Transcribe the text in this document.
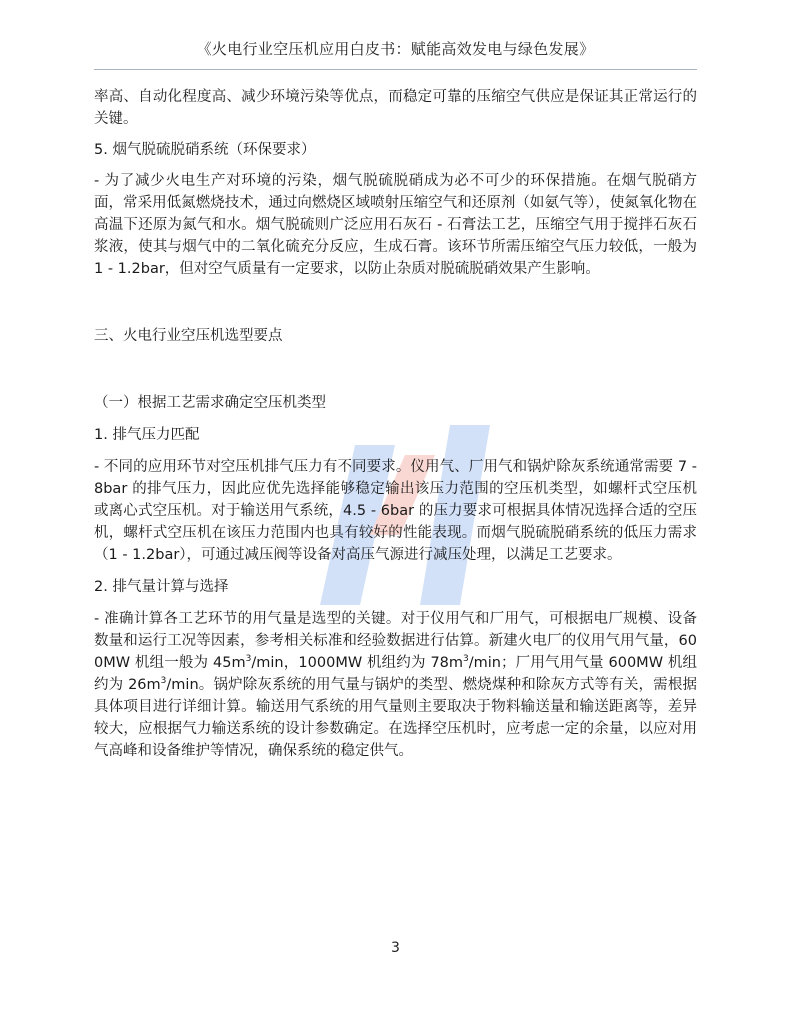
《火电行业空压机应用白皮书：赋能高效发电与绿色发展》

率高、自动化程度高、减少环境污染等优点，而稳定可靠的压缩空气供应是保证其正常运行的关键。

5. 烟气脱硫脱硝系统（环保要求）

- 为了减少火电生产对环境的污染，烟气脱硫脱硝成为必不可少的环保措施。在烟气脱硝方面，常采用低氮燃烧技术，通过向燃烧区域喷射压缩空气和还原剂（如氨气等），使氮氧化物在高温下还原为氮气和水。烟气脱硫则广泛应用石灰石 - 石膏法工艺，压缩空气用于搅拌石灰石浆液，使其与烟气中的二氧化硫充分反应，生成石膏。该环节所需压缩空气压力较低，一般为 1 - 1.2bar，但对空气质量有一定要求，以防止杂质对脱硫脱硝效果产生影响。

三、火电行业空压机选型要点

（一）根据工艺需求确定空压机类型

1. 排气压力匹配

- 不同的应用环节对空压机排气压力有不同要求。仪用气、厂用气和锅炉除灰系统通常需要 7 - 8bar 的排气压力，因此应优先选择能够稳定输出该压力范围的空压机类型，如螺杆式空压机或离心式空压机。对于输送用气系统，4.5 - 6bar 的压力要求可根据具体情况选择合适的空压机，螺杆式空压机在该压力范围内也具有较好的性能表现。而烟气脱硫脱硝系统的低压力需求（1 - 1.2bar），可通过减压阀等设备对高压气源进行减压处理，以满足工艺要求。

2. 排气量计算与选择

- 准确计算各工艺环节的用气量是选型的关键。对于仪用气和厂用气，可根据电厂规模、设备数量和运行工况等因素，参考相关标准和经验数据进行估算。新建火电厂的仪用气用气量，600MW 机组一般为 $45m^3/\min$，1000MW 机组约为 $78m^3/\min$；厂用气用气量 600MW 机组约为 $26m^3/\min$。锅炉除灰系统的用气量与锅炉的类型、燃烧煤种和除灰方式等有关，需根据具体项目进行详细计算。输送用气系统的用气量则主要取决于物料输送量和输送距离等，差异较大，应根据气力输送系统的设计参数确定。在选择空压机时，应考虑一定的余量，以应对用气高峰和设备维护等情况，确保系统的稳定供气。

3
